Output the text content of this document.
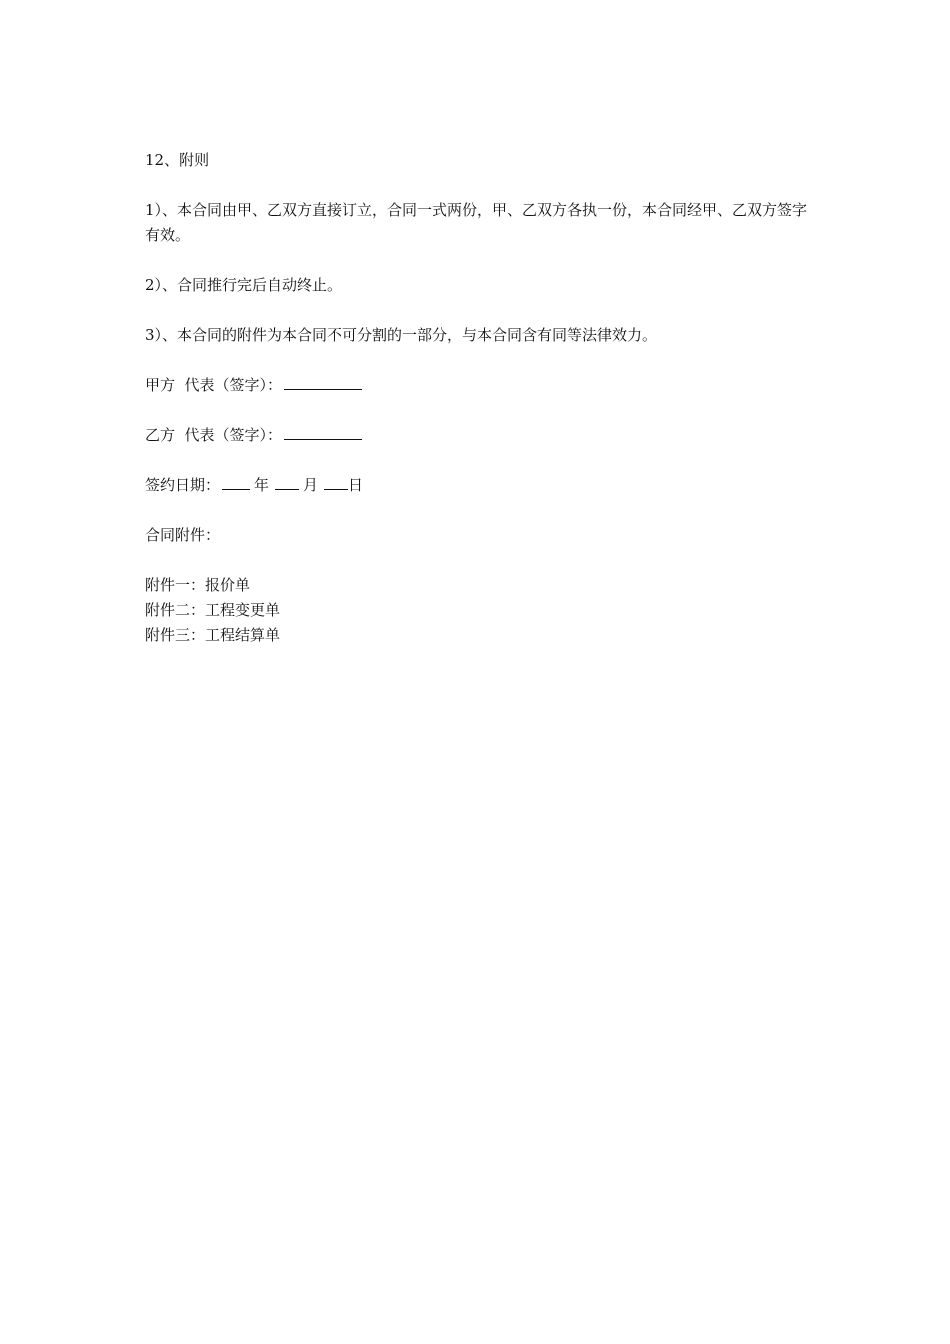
12、附则

1）、本合同由甲、乙双方直接订立，合同一式两份，甲、乙双方各执一份，本合同经甲、乙双方签字有效。

2）、合同推行完后自动终止。

3）、本合同的附件为本合同不可分割的一部分，与本合同含有同等法律效力。

甲方  代表（签字）：

乙方  代表（签字）：

签约日期： 年 月 日

合同附件：

附件一：报价单

附件二：工程变更单

附件三：工程结算单
